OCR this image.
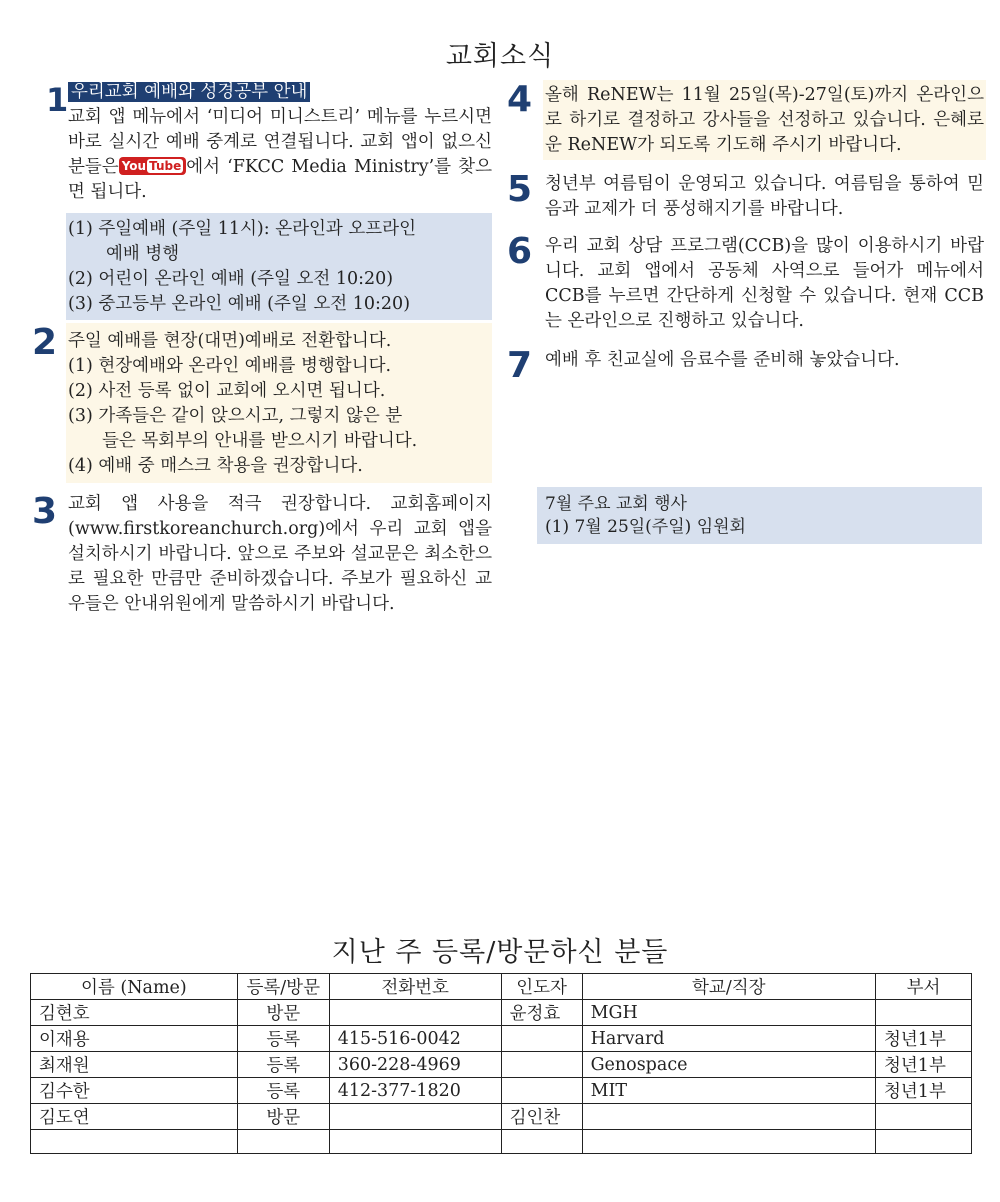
교회소식
1 우리교회 예배와 성경공부 안내
교회 앱 메뉴에서 ‘미디어 미니스트리’ 메뉴를 누르시면 바로 실시간 예배 중계로 연결됩니다. 교회 앱이 없으신 분들은 You Tube 에서 ‘FKCC Media Ministry’를 찾으면 됩니다.
(1) 주일예배 (주일 11시): 온라인과 오프라인
예배 병행
(2) 어린이 온라인 예배 (주일 오전 10:20)
(3) 중고등부 온라인 예배 (주일 오전 10:20)
2 주일 예배를 현장(대면)예배로 전환합니다.
(1) 현장예배와 온라인 예배를 병행합니다.
(2) 사전 등록 없이 교회에 오시면 됩니다.
(3) 가족들은 같이 앉으시고, 그렇지 않은 분
들은 목회부의 안내를 받으시기 바랍니다.
(4) 예배 중 매스크 착용을 권장합니다.
3 교회 앱 사용을 적극 권장합니다. 교회홈페이지(www.firstkoreanchurch.org)에서 우리 교회 앱을 설치하시기 바랍니다. 앞으로 주보와 설교문은 최소한으로 필요한 만큼만 준비하겠습니다. 주보가 필요하신 교우들은 안내위원에게 말씀하시기 바랍니다.
4 올해 ReNEW는 11월 25일(목)-27일(토)까지 온라인으로 하기로 결정하고 강사들을 선정하고 있습니다. 은혜로운 ReNEW가 되도록 기도해 주시기 바랍니다.
5 청년부 여름팀이 운영되고 있습니다. 여름팀을 통하여 믿음과 교제가 더 풍성해지기를 바랍니다.
6 우리 교회 상담 프로그램(CCB)을 많이 이용하시기 바랍니다. 교회 앱에서 공동체 사역으로 들어가 메뉴에서 CCB를 누르면 간단하게 신청할 수 있습니다. 현재 CCB는 온라인으로 진행하고 있습니다.
7 예배 후 친교실에 음료수를 준비해 놓았습니다.
7월 주요 교회 행사
(1) 7월 25일(주일) 임원회
지난 주 등록/방문하신 분들
이름 (Name)	등록/방문	전화번호	인도자	학교/직장	부서
김현호	방문		윤정효	MGH	
이재용	등록	415-516-0042		Harvard	청년1부
최재원	등록	360-228-4969		Genospace	청년1부
김수한	등록	412-377-1820		MIT	청년1부
김도연	방문		김인찬		
